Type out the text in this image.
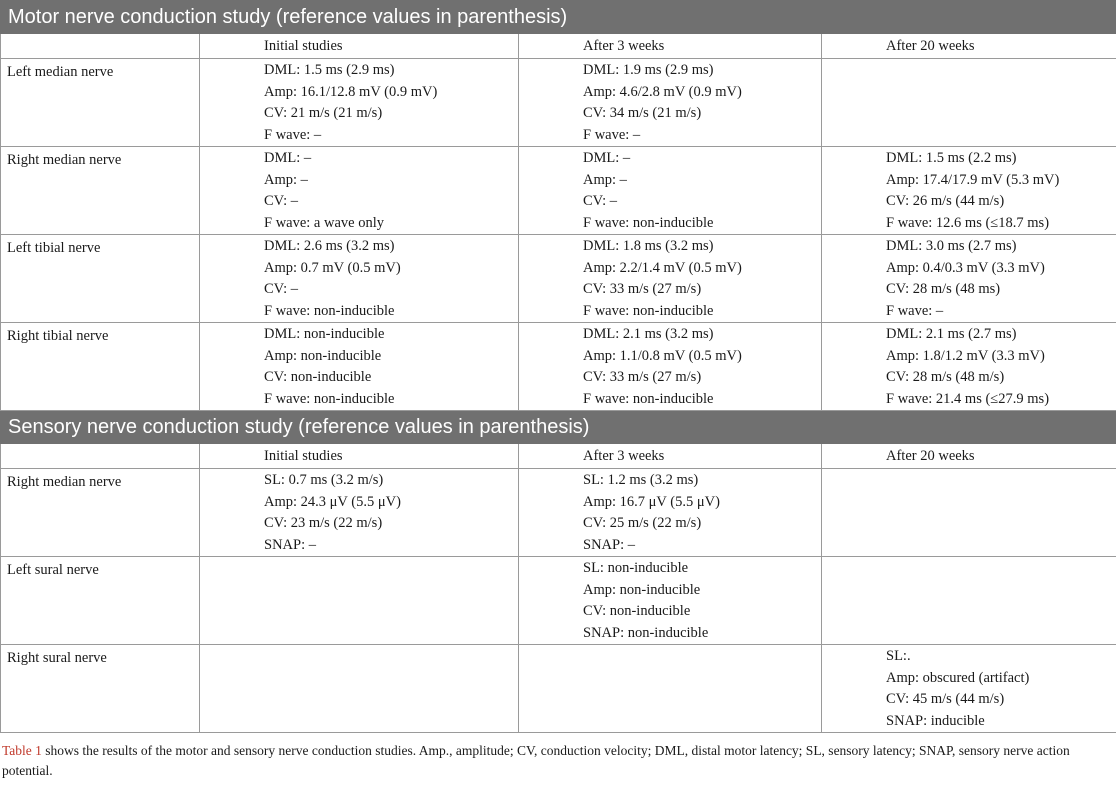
Motor nerve conduction study (reference values in parenthesis)			
	Initial studies	After 3 weeks	After 20 weeks
Left median nerve	DML: 1.5 ms (2.9 ms)
Amp: 16.1/12.8 mV (0.9 mV)
CV: 21 m/s (21 m/s)
F wave: –	DML: 1.9 ms (2.9 ms)
Amp: 4.6/2.8 mV (0.9 mV)
CV: 34 m/s (21 m/s)
F wave: –	

Right median nerve	DML: –
Amp: –
CV: –
F wave: a wave only	DML: –
Amp: –
CV: –
F wave: non-inducible	DML: 1.5 ms (2.2 ms)
Amp: 17.4/17.9 mV (5.3 mV)
CV: 26 m/s (44 m/s)
F wave: 12.6 ms (≤18.7 ms)

Left tibial nerve	DML: 2.6 ms (3.2 ms)
Amp: 0.7 mV (0.5 mV)
CV: –
F wave: non-inducible	DML: 1.8 ms (3.2 ms)
Amp: 2.2/1.4 mV (0.5 mV)
CV: 33 m/s (27 m/s)
F wave: non-inducible	DML: 3.0 ms (2.7 ms)
Amp: 0.4/0.3 mV (3.3 mV)
CV: 28 m/s (48 ms)
F wave: –

Right tibial nerve	DML: non-inducible
Amp: non-inducible
CV: non-inducible
F wave: non-inducible	DML: 2.1 ms (3.2 ms)
Amp: 1.1/0.8 mV (0.5 mV)
CV: 33 m/s (27 m/s)
F wave: non-inducible	DML: 2.1 ms (2.7 ms)
Amp: 1.8/1.2 mV (3.3 mV)
CV: 28 m/s (48 m/s)
F wave: 21.4 ms (≤27.9 ms)

Sensory nerve conduction study (reference values in parenthesis)			
	Initial studies	After 3 weeks	After 20 weeks
Right median nerve	SL: 0.7 ms (3.2 m/s)
Amp: 24.3 μV (5.5 μV)
CV: 23 m/s (22 m/s)
SNAP: –	SL: 1.2 ms (3.2 ms)
Amp: 16.7 μV (5.5 μV)
CV: 25 m/s (22 m/s)
SNAP: –	

Left sural nerve		SL: non-inducible
Amp: non-inducible
CV: non-inducible
SNAP: non-inducible	

Right sural nerve			SL:.
Amp: obscured (artifact)
CV: 45 m/s (44 m/s)
SNAP: inducible
Table 1 shows the results of the motor and sensory nerve conduction studies. Amp., amplitude; CV, conduction velocity; DML, distal motor latency; SL, sensory latency; SNAP, sensory nerve action potential.
